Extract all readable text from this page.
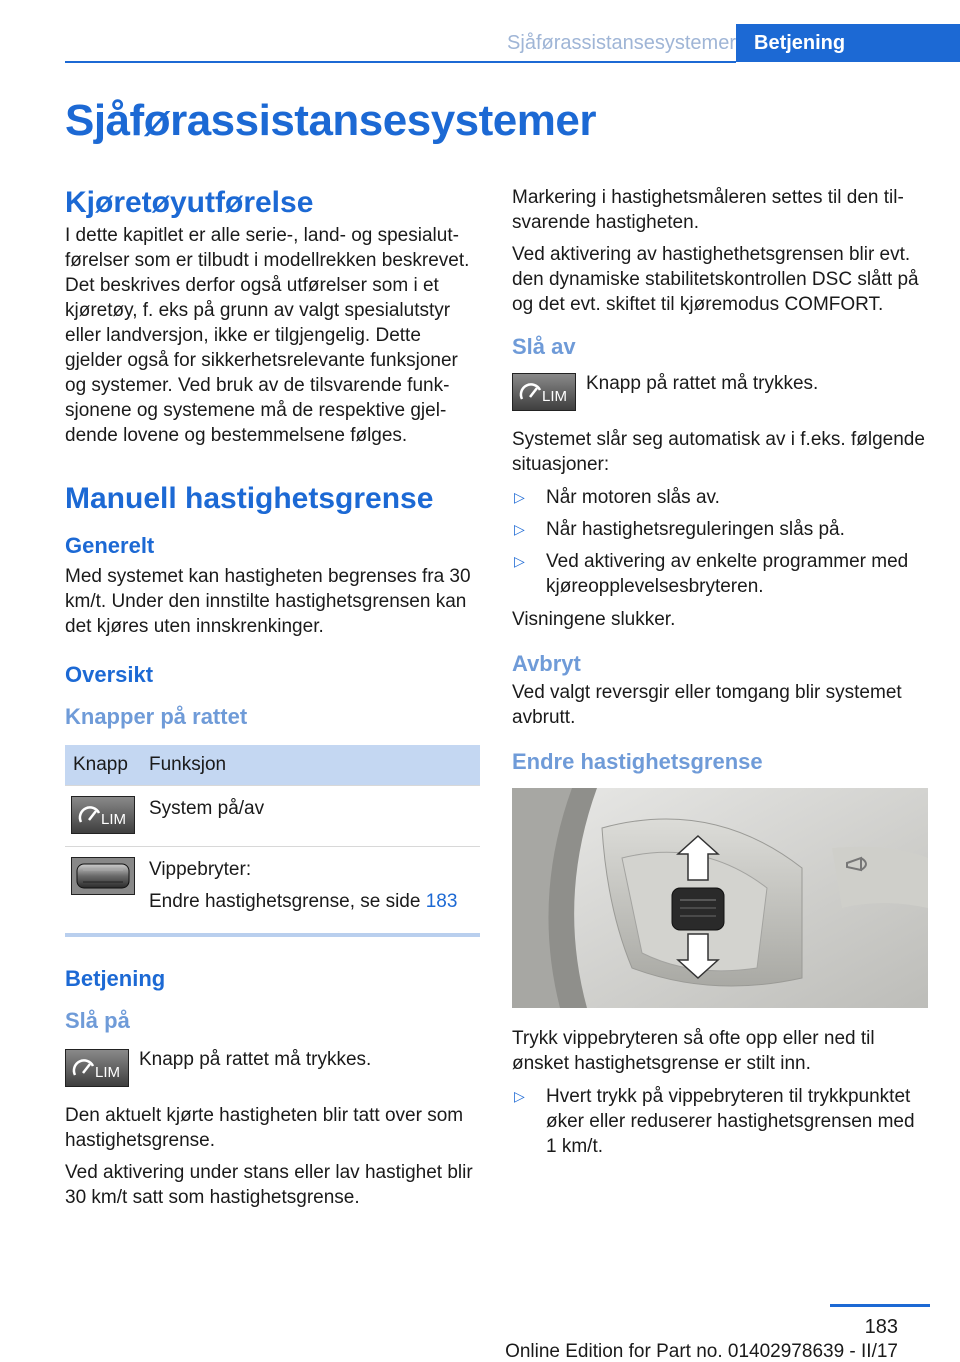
Sjåførassistansesystemer Betjening
Sjåførassistansesystemer
Kjøretøyutførelse

I dette kapitlet er alle serie-, land- og spesialutførelser som er tilbudt i modellrekken beskrevet. Det beskrives derfor også utførelser som i et kjøretøy, f. eks på grunn av valgt spesialutstyr eller landversjon, ikke er tilgjengelig. Dette gjelder også for sikkerhetsrelevante funksjoner og systemer. Ved bruk av de tilsvarende funksjonene og systemene må de respektive gjeldende lovene og bestemmelsene følges.

Manuell hastighetsgrense
Generelt

Med systemet kan hastigheten begrenses fra 30 km/t. Under den innstilte hastighetsgrensen kan det kjøres uten innskrenkinger.

Oversikt
Knapper på rattet
Knapp	Funksjon

LIM	System på/av

Vippebryter:

Endre hastighetsgrense, se side 183

Betjening
Slå på
LIM

Knapp på rattet må trykkes.

Den aktuelt kjørte hastigheten blir tatt over som hastighetsgrense.

Ved aktivering under stans eller lav hastighet blir 30 km/t satt som hastighetsgrense.

Markering i hastighetsmåleren settes til den tilsvarende hastigheten.

Ved aktivering av hastighethetsgrensen blir evt. den dynamiske stabilitetskontrollen DSC slått på og det evt. skiftet til kjøremodus COMFORT.

Slå av
LIM

Knapp på rattet må trykkes.

Systemet slår seg automatisk av i f.eks. følgende situasjoner:

▷ Når motoren slås av.
▷ Når hastighetsreguleringen slås på.
▷ Ved aktivering av enkelte programmer med kjøreopplevelsesbryteren.

Visningene slukker.

Avbryt

Ved valgt reversgir eller tomgang blir systemet avbrutt.

Endre hastighetsgrense

Trykk vippebryteren så ofte opp eller ned til ønsket hastighetsgrense er stilt inn.

▷ Hvert trykk på vippebryteren til trykkpunktet øker eller reduserer hastighetsgrensen med 1 km/t.
183
Online Edition for Part no. 01402978639 - II/17
